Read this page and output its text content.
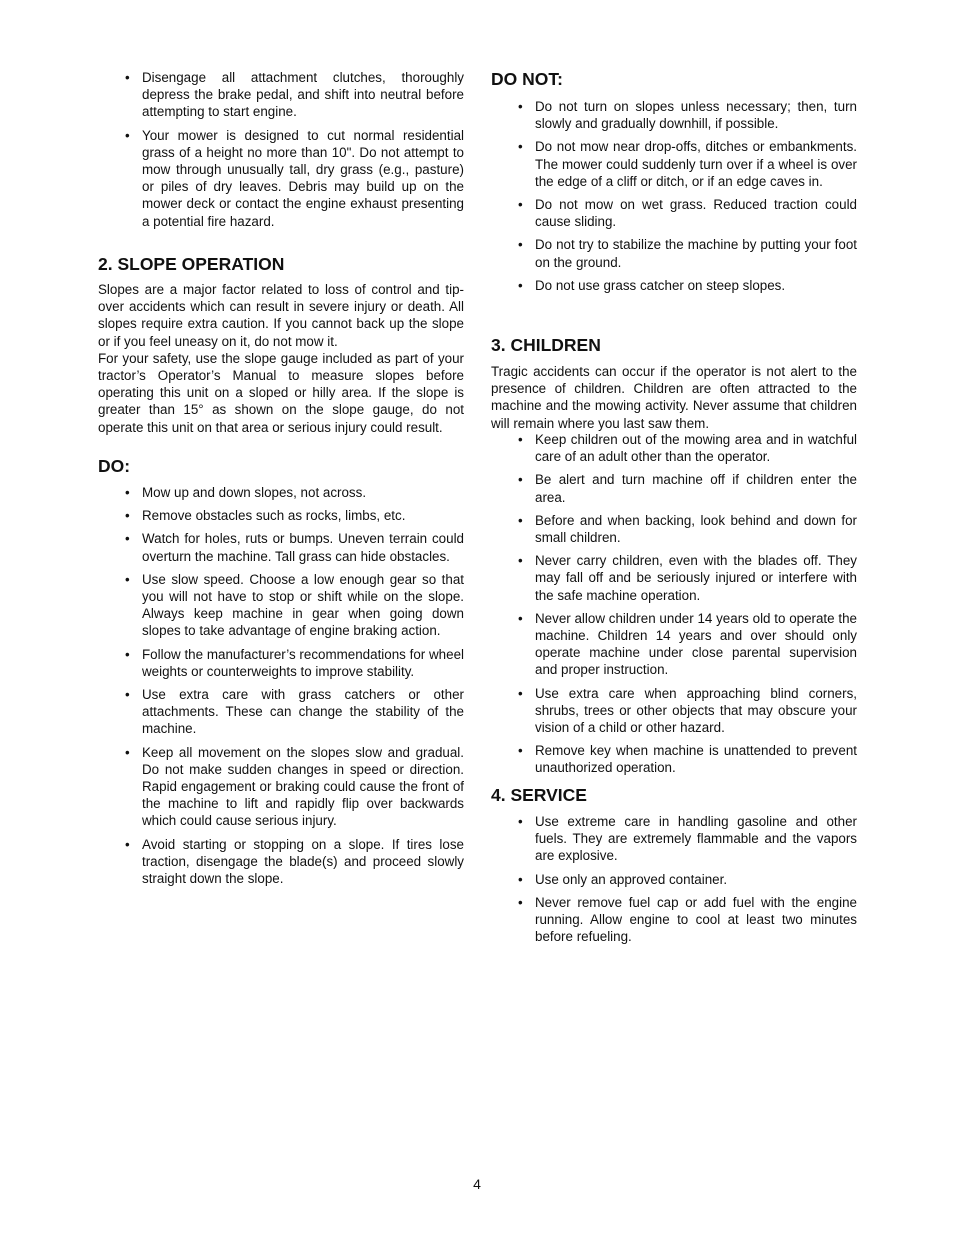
• Disengage all attachment clutches, thoroughly depress the brake pedal, and shift into neutral before attempting to start engine.
• Your mower is designed to cut normal residential grass of a height no more than 10". Do not attempt to mow through unusually tall, dry grass (e.g., pasture) or piles of dry leaves. Debris may build up on the mower deck or contact the engine exhaust presenting a potential fire hazard.
2. SLOPE OPERATION

Slopes are a major factor related to loss of control and tip-over accidents which can result in severe injury or death. All slopes require extra caution. If you cannot back up the slope or if you feel uneasy on it, do not mow it.

For your safety, use the slope gauge included as part of your tractor’s Operator’s Manual to measure slopes before operating this unit on a sloped or hilly area. If the slope is greater than 15° as shown on the slope gauge, do not operate this unit on that area or serious injury could result.

DO:
• Mow up and down slopes, not across.
• Remove obstacles such as rocks, limbs, etc.
• Watch for holes, ruts or bumps. Uneven terrain could overturn the machine. Tall grass can hide obstacles.
• Use slow speed. Choose a low enough gear so that you will not have to stop or shift while on the slope. Always keep machine in gear when going down slopes to take advantage of engine braking action.
• Follow the manufacturer’s recommendations for wheel weights or counterweights to improve stability.
• Use extra care with grass catchers or other attachments. These can change the stability of the machine.
• Keep all movement on the slopes slow and gradual. Do not make sudden changes in speed or direction. Rapid engagement or braking could cause the front of the machine to lift and rapidly flip over backwards which could cause serious injury.
• Avoid starting or stopping on a slope. If tires lose traction, disengage the blade(s) and proceed slowly straight down the slope.
DO NOT:
• Do not turn on slopes unless necessary; then, turn slowly and gradually downhill, if possible.
• Do not mow near drop-offs, ditches or embankments. The mower could suddenly turn over if a wheel is over the edge of a cliff or ditch, or if an edge caves in.
• Do not mow on wet grass. Reduced traction could cause sliding.
• Do not try to stabilize the machine by putting your foot on the ground.
• Do not use grass catcher on steep slopes.
3. CHILDREN

Tragic accidents can occur if the operator is not alert to the presence of children. Children are often attracted to the machine and the mowing activity. Never assume that children will remain where you last saw them.

• Keep children out of the mowing area and in watchful care of an adult other than the operator.
• Be alert and turn machine off if children enter the area.
• Before and when backing, look behind and down for small children.
• Never carry children, even with the blades off. They may fall off and be seriously injured or interfere with the safe machine operation.
• Never allow children under 14 years old to operate the machine. Children 14 years and over should only operate machine under close parental supervision and proper instruction.
• Use extra care when approaching blind corners, shrubs, trees or other objects that may obscure your vision of a child or other hazard.
• Remove key when machine is unattended to prevent unauthorized operation.
4. SERVICE
• Use extreme care in handling gasoline and other fuels. They are extremely flammable and the vapors are explosive.
• Use only an approved container.
• Never remove fuel cap or add fuel with the engine running. Allow engine to cool at least two minutes before refueling.
4
